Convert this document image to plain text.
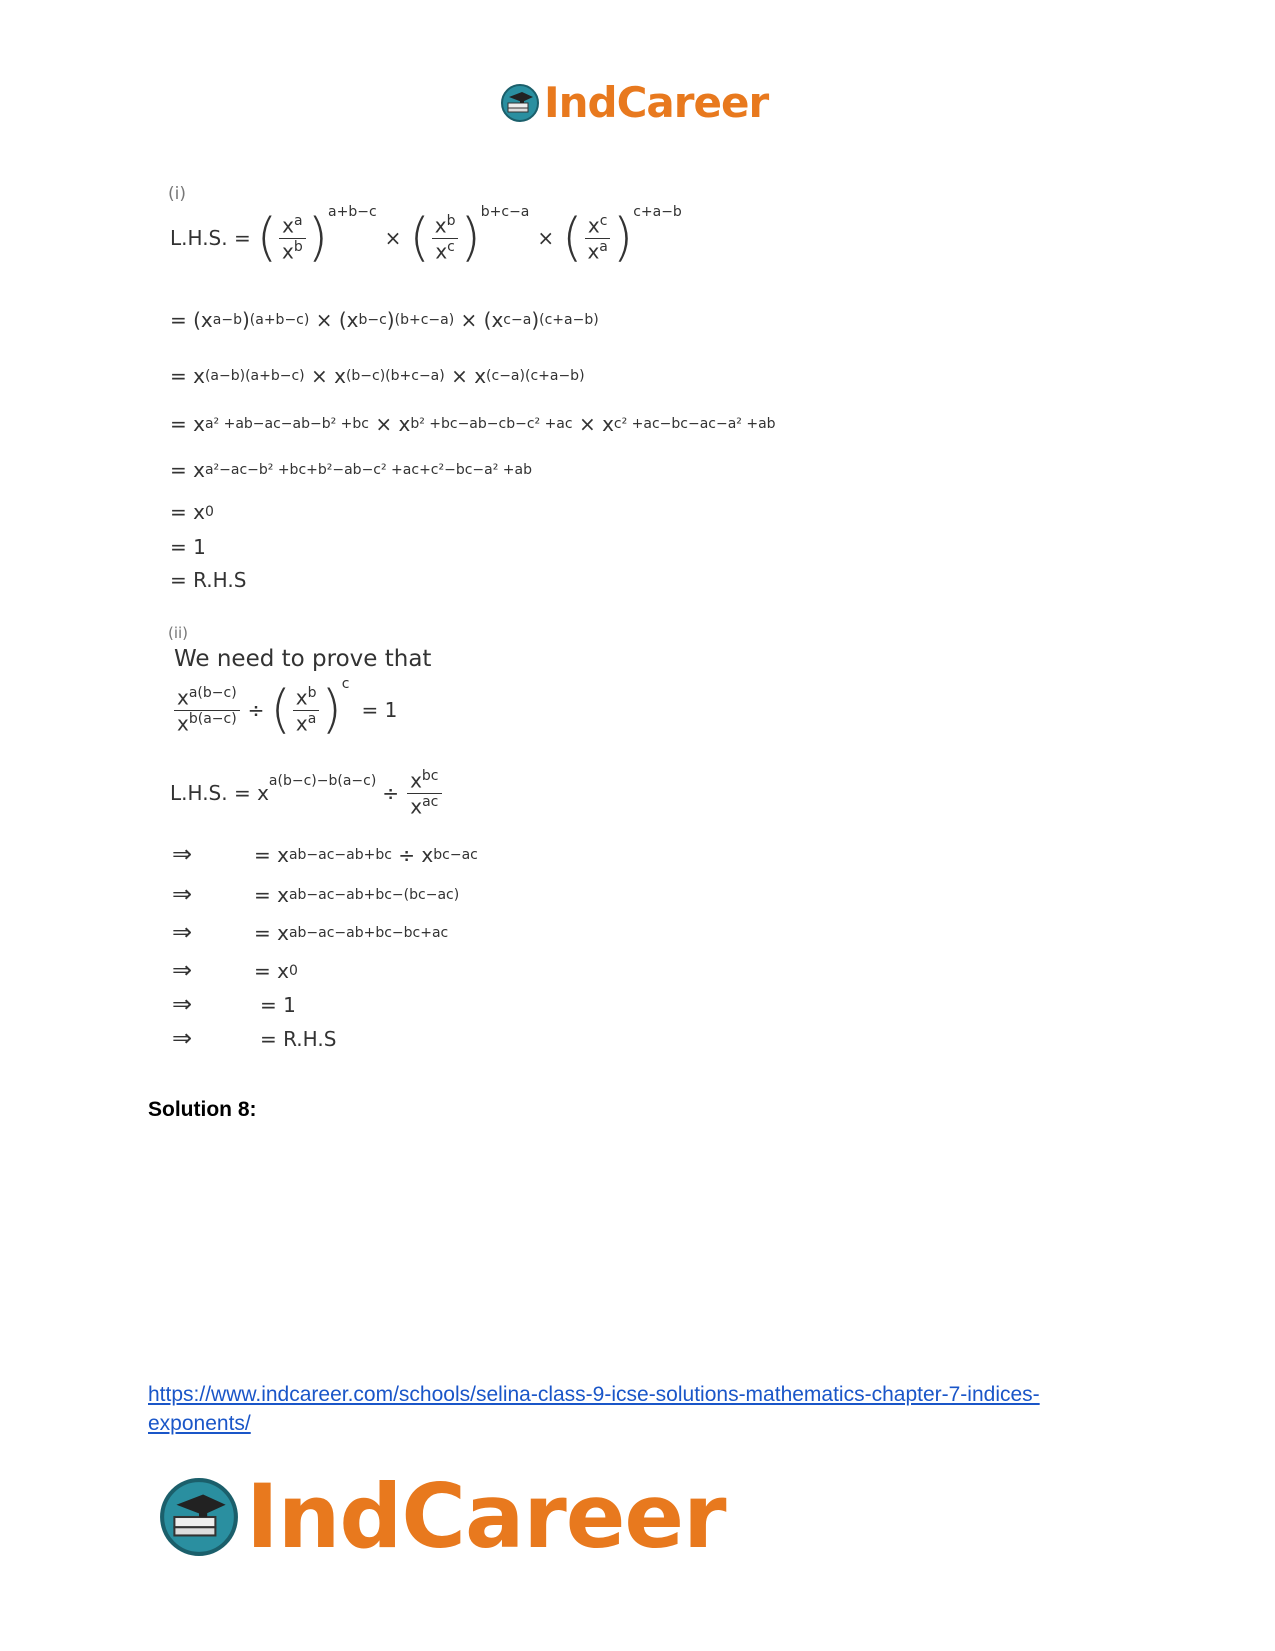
IndCareer
(i)
L.H.S. = ( $\frac{x^a}{x^b}$ ) a+b−c
× ( $\frac{x^b}{x^c}$ ) b+c−a
× ( $\frac{x^c}{x^a}$ ) c+a−b
= ($x^{a-b}$ )$^{(a+b-c)} \times (x^{b-c}$ )$^{(b+c-a)} \times (x^{c-a}$ )$^{(c+a-b)}$
= $x^{(a-b)(a+b-c)} \times x^{(b-c)(b+c-a)} \times x^{(c-a)(c+a-b)}$
= $x^{a^2 +ab-ac-ab-b^2 +bc} \times x^{b^2 +bc-ab-cb-c^2 +ac} \times x^{c^2 +ac-bc-ac-a^2 +ab}$
= $x^{a^2-ac-b^2 +bc+b^2-ab-c^2 +ac+c^2-bc-a^2 +ab}$
= $x^0$
= 1
= R.H.S
(ii)
We need to prove that
$\frac{x^{a(b-c)}}{x^{b(a-c)}}$ ÷ ( $\frac{x^b}{x^a}$ ) c
= 1
L.H.S. = x $a(b-c)-b(a-c) \div \frac{x^{bc}}{x^{ac}}$
⇒	= $x^{ab-ac-ab+bc}$
÷ $x^{bc-ac}$
⇒	= $x^{ab-ac-ab+bc-(bc-ac)}$
⇒	= $x^{ab-ac-ab+bc-bc+ac}$
⇒	= $x^0$
⇒	= 1
⇒	= R.H.S
Solution 8:
https://www.indcareer.com/schools/selina-class-9-icse-solutions-mathematics-chapter-7-indices-exponents/
IndCareer
